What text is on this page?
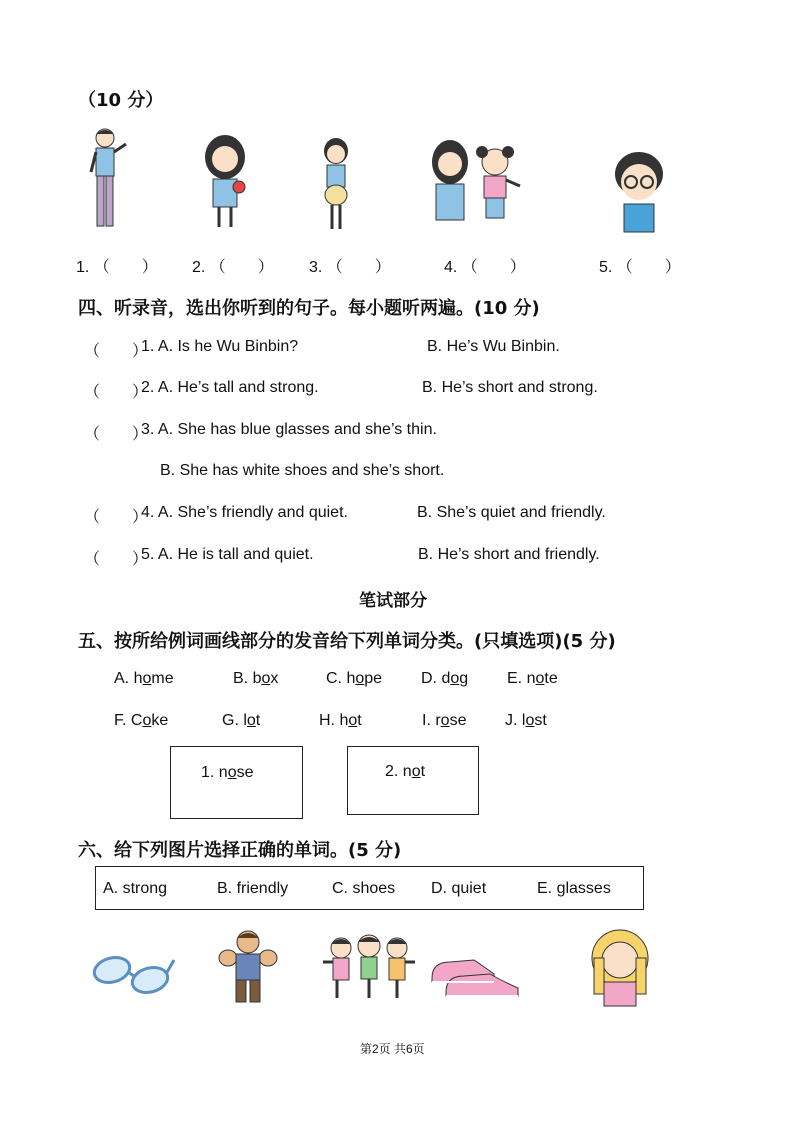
（10 分）
1. （　　） 2. （　　） 3. （　　）	4. （　　）	5. （　　）
四、听录音，选出你听到的句子。每小题听两遍。(10 分)
（　　）
1. A. Is he Wu Binbin?	B. He’s Wu Binbin.
（　　）
2. A. He’s tall and strong.	B. He’s short and strong.
（　　）
3. A. She has blue glasses and she’s thin.
B. She has white shoes and she’s short.
（　　）
4. A. She’s friendly and quiet.	B. She’s quiet and friendly.
（　　）
5. A. He is tall and quiet.	B. He’s short and friendly.
笔试部分
五、按所给例词画线部分的发音给下列单词分类。(只填选项)(5 分)
A. home	B. box	C. hope D. dog E. note
F. Coke	G. lot	H. hot	I. rose J. lost
1. nose	2. not
六、给下列图片选择正确的单词。(5 分)
A. strong	B. friendly	C. shoes D. quiet	E. glasses
第2页 共6页
